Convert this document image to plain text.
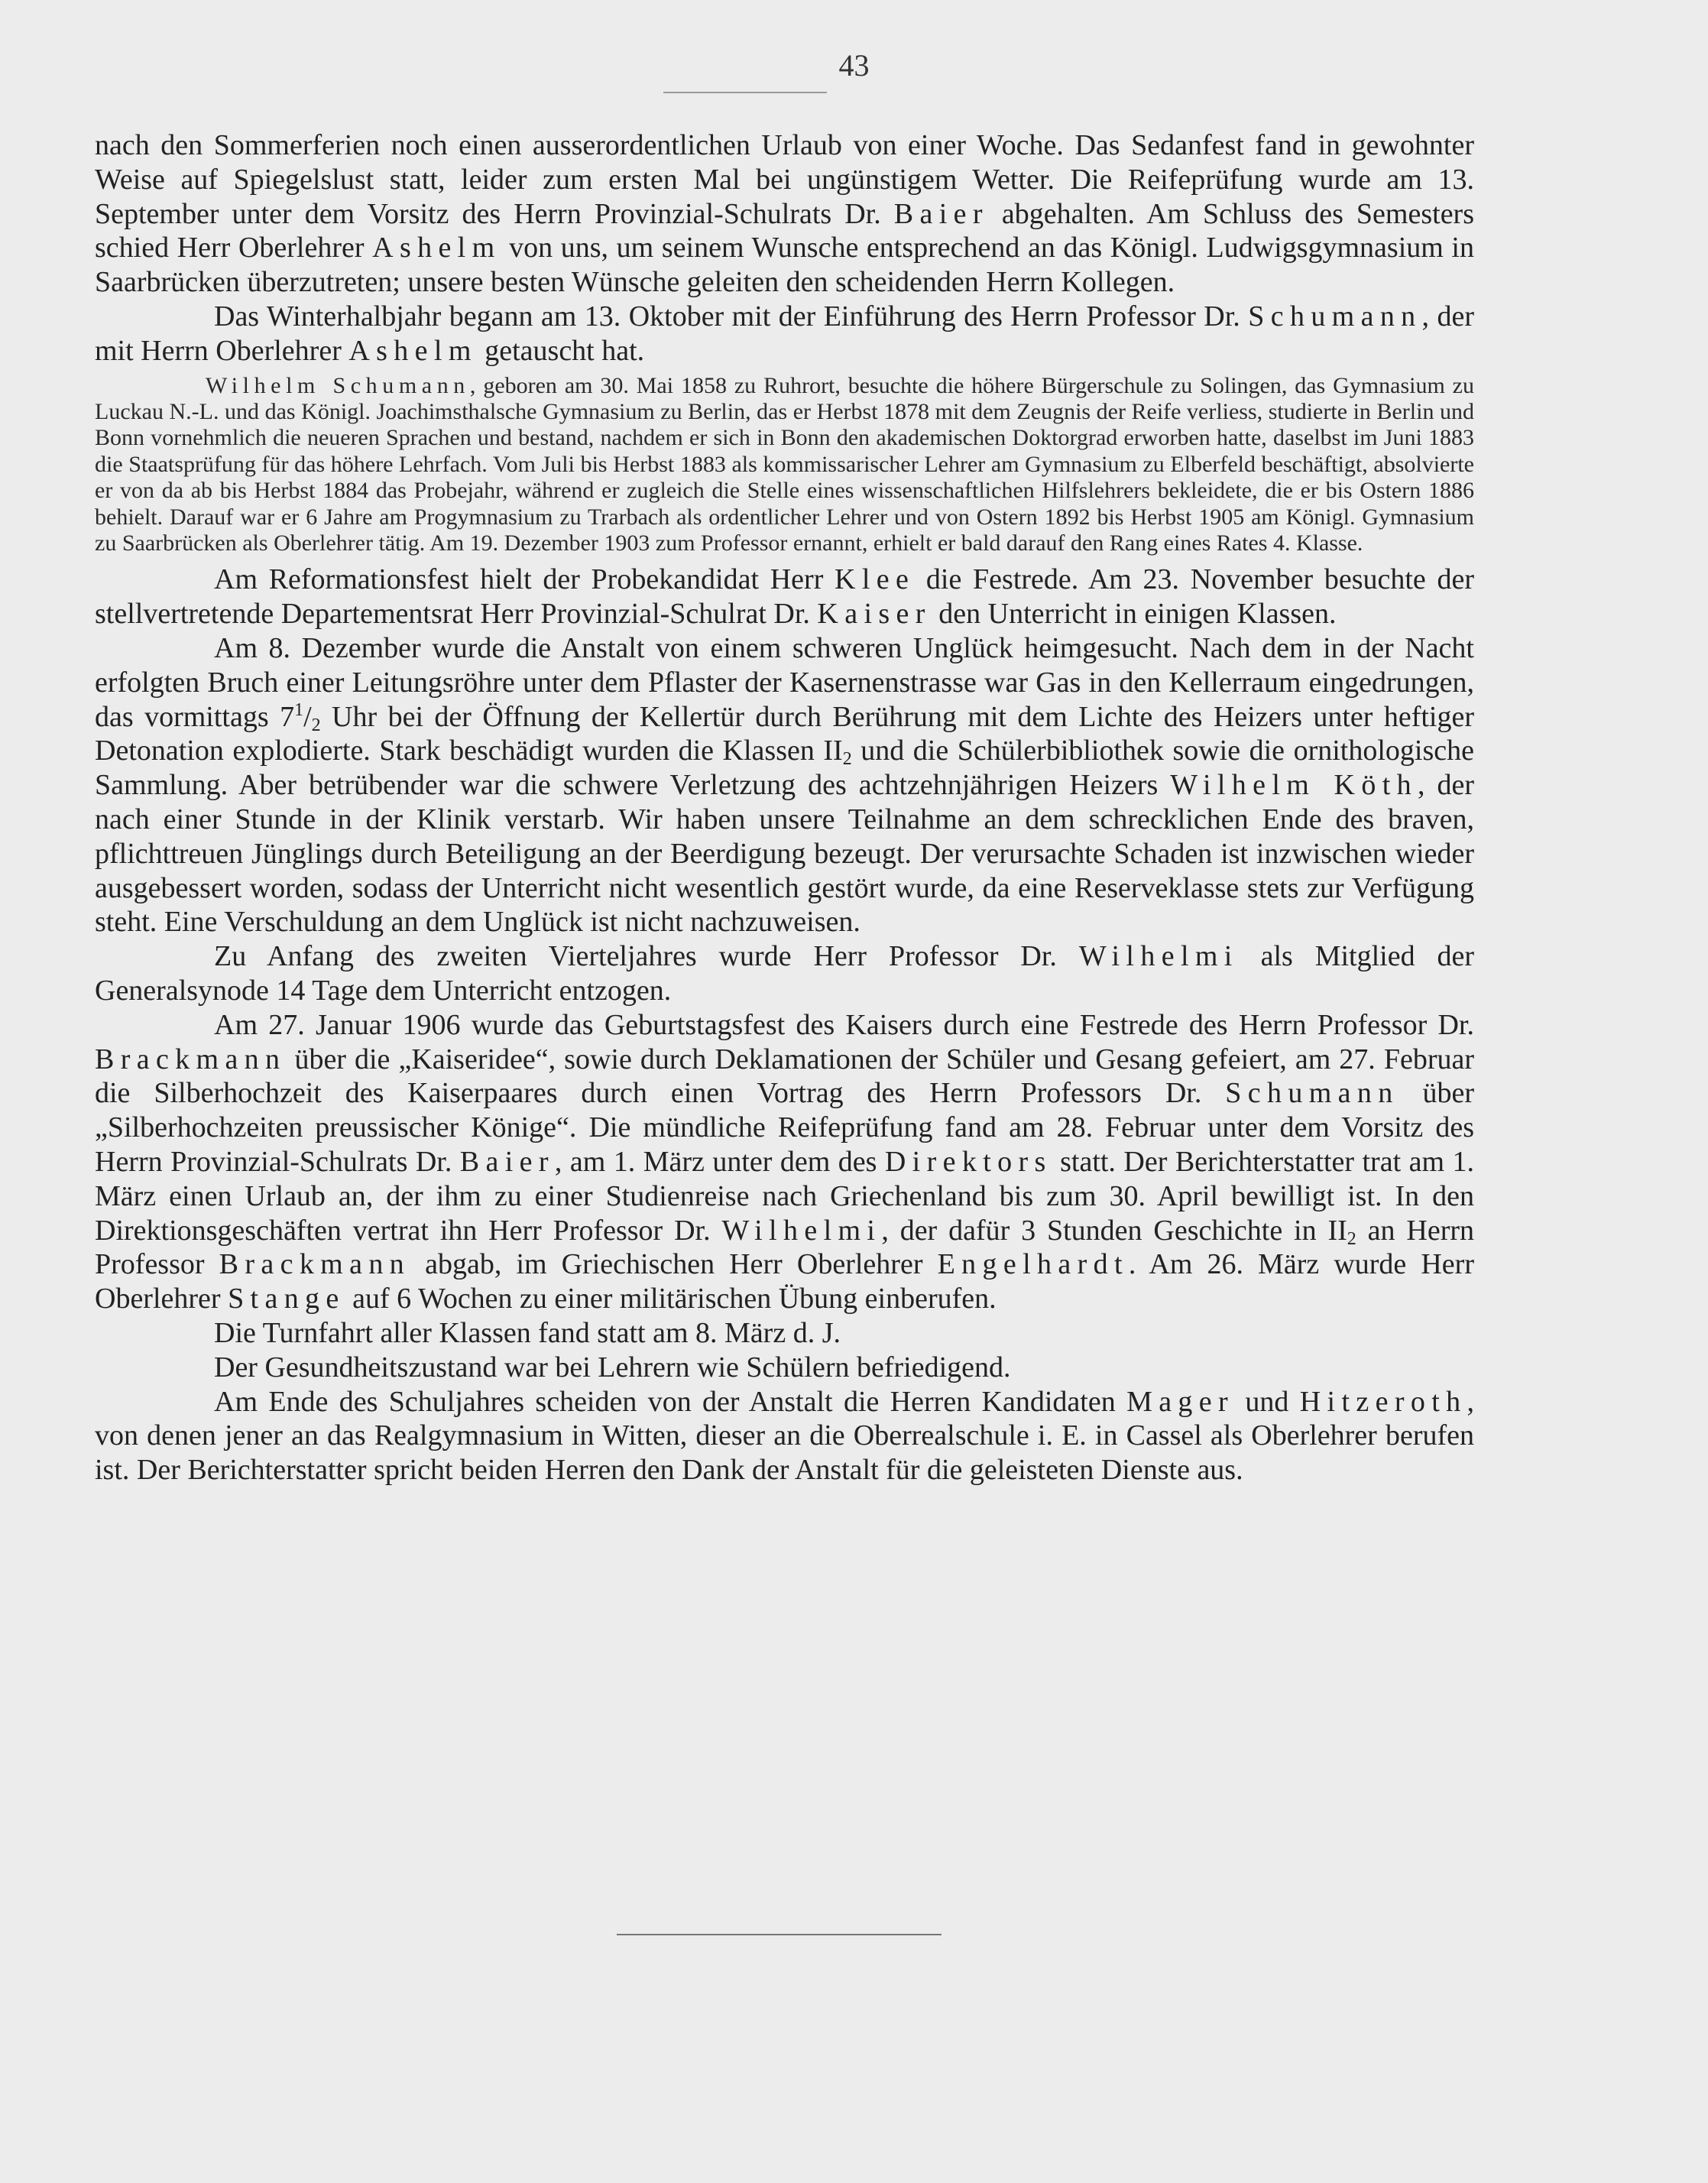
43

nach den Sommerferien noch einen ausserordentlichen Urlaub von einer Woche. Das Sedanfest fand in gewohnter Weise auf Spiegelslust statt, leider zum ersten Mal bei ungünstigem Wetter. Die Reifeprüfung wurde am 13. September unter dem Vorsitz des Herrn Provinzial-Schulrats Dr. Baier abgehalten. Am Schluss des Semesters schied Herr Oberlehrer Ashelm von uns, um seinem Wunsche entsprechend an das Königl. Ludwigsgymnasium in Saarbrücken überzutreten; unsere besten Wünsche geleiten den scheidenden Herrn Kollegen.

Das Winterhalbjahr begann am 13. Oktober mit der Einführung des Herrn Professor Dr. Schumann, der mit Herrn Oberlehrer Ashelm getauscht hat.

Wilhelm Schumann, geboren am 30. Mai 1858 zu Ruhrort, besuchte die höhere Bürgerschule zu Solingen, das Gymnasium zu Luckau N.-L. und das Königl. Joachimsthalsche Gymnasium zu Berlin, das er Herbst 1878 mit dem Zeugnis der Reife verliess, studierte in Berlin und Bonn vornehmlich die neueren Sprachen und bestand, nachdem er sich in Bonn den akademischen Doktorgrad erworben hatte, daselbst im Juni 1883 die Staatsprüfung für das höhere Lehrfach. Vom Juli bis Herbst 1883 als kommissarischer Lehrer am Gymnasium zu Elberfeld beschäftigt, absolvierte er von da ab bis Herbst 1884 das Probejahr, während er zugleich die Stelle eines wissenschaftlichen Hilfslehrers bekleidete, die er bis Ostern 1886 behielt. Darauf war er 6 Jahre am Progymnasium zu Trarbach als ordentlicher Lehrer und von Ostern 1892 bis Herbst 1905 am Königl. Gymnasium zu Saarbrücken als Oberlehrer tätig. Am 19. Dezember 1903 zum Professor ernannt, erhielt er bald darauf den Rang eines Rates 4. Klasse.

Am Reformationsfest hielt der Probekandidat Herr Klee die Festrede. Am 23. November besuchte der stellvertretende Departementsrat Herr Provinzial-Schulrat Dr. Kaiser den Unterricht in einigen Klassen.

Am 8. Dezember wurde die Anstalt von einem schweren Unglück heimgesucht. Nach dem in der Nacht erfolgten Bruch einer Leitungsröhre unter dem Pflaster der Kasernenstrasse war Gas in den Kellerraum eingedrungen, das vormittags $7^1/_2$ Uhr bei der Öffnung der Kellertür durch Berührung mit dem Lichte des Heizers unter heftiger Detonation explodierte. Stark beschädigt wurden die Klassen $II_2$ und die Schülerbibliothek sowie die ornithologische Sammlung. Aber betrübender war die schwere Verletzung des achtzehnjährigen Heizers Wilhelm Köth, der nach einer Stunde in der Klinik verstarb. Wir haben unsere Teilnahme an dem schrecklichen Ende des braven, pflichttreuen Jünglings durch Beteiligung an der Beerdigung bezeugt. Der verursachte Schaden ist inzwischen wieder ausgebessert worden, sodass der Unterricht nicht wesentlich gestört wurde, da eine Reserveklasse stets zur Verfügung steht. Eine Verschuldung an dem Unglück ist nicht nachzuweisen.

Zu Anfang des zweiten Vierteljahres wurde Herr Professor Dr. Wilhelmi als Mitglied der Generalsynode 14 Tage dem Unterricht entzogen.

Am 27. Januar 1906 wurde das Geburtstagsfest des Kaisers durch eine Festrede des Herrn Professor Dr. Brackmann über die „Kaiseridee“, sowie durch Deklamationen der Schüler und Gesang gefeiert, am 27. Februar die Silberhochzeit des Kaiserpaares durch einen Vortrag des Herrn Professors Dr. Schumann über „Silberhochzeiten preussischer Könige“. Die mündliche Reifeprüfung fand am 28. Februar unter dem Vorsitz des Herrn Provinzial-Schulrats Dr. Baier, am 1. März unter dem des Direktors statt. Der Berichterstatter trat am 1. März einen Urlaub an, der ihm zu einer Studienreise nach Griechenland bis zum 30. April bewilligt ist. In den Direktionsgeschäften vertrat ihn Herr Professor Dr. Wilhelmi, der dafür 3 Stunden Geschichte in $II_2$ an Herrn Professor Brackmann abgab, im Griechischen Herr Oberlehrer Engelhardt. Am 26. März wurde Herr Oberlehrer Stange auf 6 Wochen zu einer militärischen Übung einberufen.

Die Turnfahrt aller Klassen fand statt am 8. März d. J.

Der Gesundheitszustand war bei Lehrern wie Schülern befriedigend.

Am Ende des Schuljahres scheiden von der Anstalt die Herren Kandidaten Mager und Hitzeroth, von denen jener an das Realgymnasium in Witten, dieser an die Oberrealschule i. E. in Cassel als Oberlehrer berufen ist. Der Berichterstatter spricht beiden Herren den Dank der Anstalt für die geleisteten Dienste aus.
